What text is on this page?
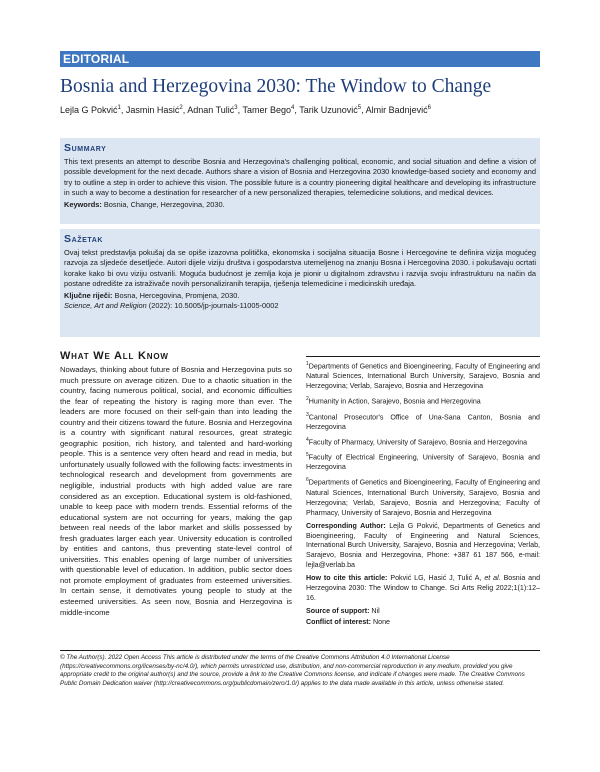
EDITORIAL
Bosnia and Herzegovina 2030: The Window to Change
Lejla G Pokvić$^1$, Jasmin Hasić$^2$, Adnan Tulić$^3$, Tamer Bego$^4$, Tarik Uzunović$^5$, Almir Badnjević$^6$
Summary

This text presents an attempt to describe Bosnia and Herzegovina's challenging political, economic, and social situation and define a vision of possible development for the next decade. Authors share a vision of Bosnia and Herzegovina 2030 knowledge-based society and economy and try to outline a step in order to achieve this vision. The possible future is a country pioneering digital healthcare and developing its infrastructure in such a way to become a destination for researcher of a new personalized therapies, telemedicine solutions, and medical devices.

Keywords: Bosnia, Change, Herzegovina, 2030.
Sažetak

Ovaj tekst predstavlja pokušaj da se opiše izazovna politička, ekonomska i socijalna situacija Bosne i Hercegovine te definira vizija mogućeg razvoja za sljedeće desetljeće. Autori dijele viziju društva i gospodarstva utemeljenog na znanju Bosna i Hercegovina 2030. i pokušavaju ocrtati korake kako bi ovu viziju ostvarili. Moguća budućnost je zemlja koja je pionir u digitalnom zdravstvu i razvija svoju infrastrukturu na način da postane odredište za istraživače novih personaliziranih terapija, rješenja telemedicine i medicinskih uređaja.

Ključne riječi: Bosna, Hercegovina, Promjena, 2030.
Science, Art and Religion (2022): 10.5005/jp-journals-11005-0002
What We All Know

Nowadays, thinking about future of Bosnia and Herzegovina puts so much pressure on average citizen. Due to a chaotic situation in the country, facing numerous political, social, and economic difficulties the fear of repeating the history is raging more than ever. The leaders are more focused on their self-gain than into leading the country and their citizens toward the future. Bosnia and Herzegovina is a country with significant natural resources, great strategic geographic position, rich history, and talented and hard-working people. This is a sentence very often heard and read in media, but unfortunately usually followed with the following facts: investments in technological research and development from governments are negligible, industrial products with high added value are rare considered as an exception. Educational system is old-fashioned, unable to keep pace with modern trends. Essential reforms of the educational system are not occurring for years, making the gap between real needs of the labor market and skills possessed by fresh graduates larger each year. University education is controlled by entities and cantons, thus preventing state-level control of universities. This enables opening of large number of universities with questionable level of education. In addition, public sector does not promote employment of graduates from esteemed universities. In certain sense, it demotivates young people to study at the esteemed universities. As seen now, Bosnia and Herzegovina is middle-income

$^1$Departments of Genetics and Bioengineering, Faculty of Engineering and Natural Sciences, International Burch University, Sarajevo, Bosnia and Herzegovina; Verlab, Sarajevo, Bosnia and Herzegovina

$^2$Humanity in Action, Sarajevo, Bosnia and Herzegovina

$^3$Cantonal Prosecutor's Office of Una-Sana Canton, Bosnia and Herzegovina

$^4$Faculty of Pharmacy, University of Sarajevo, Bosnia and Herzegovina

$^5$Faculty of Electrical Engineering, University of Sarajevo, Bosnia and Herzegovina

$^6$Departments of Genetics and Bioengineering, Faculty of Engineering and Natural Sciences, International Burch University, Sarajevo, Bosnia and Herzegovina; Verlab, Sarajevo, Bosnia and Herzegovina; Faculty of Pharmacy, University of Sarajevo, Bosnia and Herzegovina

Corresponding Author: Lejla G Pokvić, Departments of Genetics and Bioengineering, Faculty of Engineering and Natural Sciences, International Burch University, Sarajevo, Bosnia and Herzegovina; Verlab, Sarajevo, Bosnia and Herzegovina, Phone: +387 61 187 566, e-mail: lejla@verlab.ba

How to cite this article: Pokvić LG, Hasić J, Tulić A, et al. Bosnia and Herzegovina 2030: The Window to Change. Sci Arts Relig 2022;1(1):12–16.

Source of support: Nil

Conflict of interest: None

© The Author(s). 2022 Open Access This article is distributed under the terms of the Creative Commons Attribution 4.0 International License (https://creativecommons.org/licenses/by-nc/4.0/), which permits unrestricted use, distribution, and non-commercial reproduction in any medium, provided you give appropriate credit to the original author(s) and the source, provide a link to the Creative Commons license, and indicate if changes were made. The Creative Commons Public Domain Dedication waiver (http://creativecommons.org/publicdomain/zero/1.0/) applies to the data made available in this article, unless otherwise stated.
